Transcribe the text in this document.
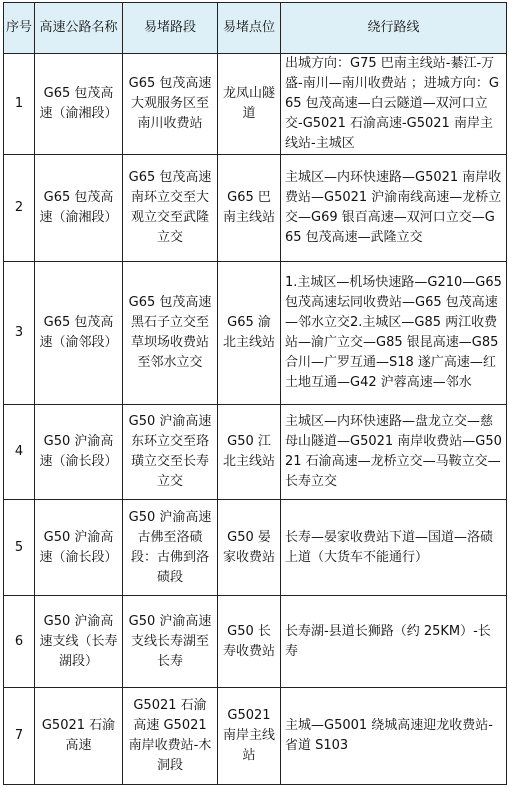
序号	高速公路名称	易堵路段	易堵点位	绕行路线
1	G65 包茂高速（渝湘段）	G65 包茂高速大观服务区至南川收费站	龙凤山隧道	出城方向：G75 巴南主线站-綦江-万盛-南川—南川收费站 ；进城方向：G65 包茂高速—白云隧道—双河口立交-G5021 石渝高速-G5021 南岸主线站-主城区
2	G65 包茂高速（渝湘段）	G65 包茂高速南环立交至大观立交至武隆立交	G65 巴南主线站	主城区—内环快速路—G5021 南岸收费站—G5021 沪渝南线高速—龙桥立交—G69 银百高速—双河口立交—G65 包茂高速—武隆立交
3	G65 包茂高速（渝邻段）	G65 包茂高速黑石子立交至草坝场收费站至邻水立交	G65 渝北主线站	1.主城区—机场快速路—G210—G65 包茂高速坛同收费站—G65 包茂高速—邻水立交2.主城区—G85 两江收费站—渝广立交—G85 银昆高速—G85 合川—广罗互通—S18 遂广高速—红土地互通—G42 沪蓉高速—邻水
4	G50 沪渝高速（渝长段）	G50 沪渝高速东环立交至珞璜立交至长寿立交	G50 江北主线站	主城区—内环快速路—盘龙立交—慈母山隧道—G5021 南岸收费站—G5021 石渝高速—龙桥立交—马鞍立交—长寿立交
5	G50 沪渝高速（渝长段）	G50 沪渝高速古佛至洛碛段：古佛到洛碛段	G50 晏家收费站	长寿—晏家收费站下道—国道—洛碛上道（大货车不能通行）
6	G50 沪渝高速支线（长寿湖段）	G50 沪渝高速支线长寿湖至长寿	G50 长寿收费站	长寿湖-县道长狮路（约 25KM）-长寿
7	G5021 石渝高速	G5021 石渝高速 G5021 南岸收费站-木洞段	G5021 南岸主线站	主城—G5001 绕城高速迎龙收费站-省道 S103
